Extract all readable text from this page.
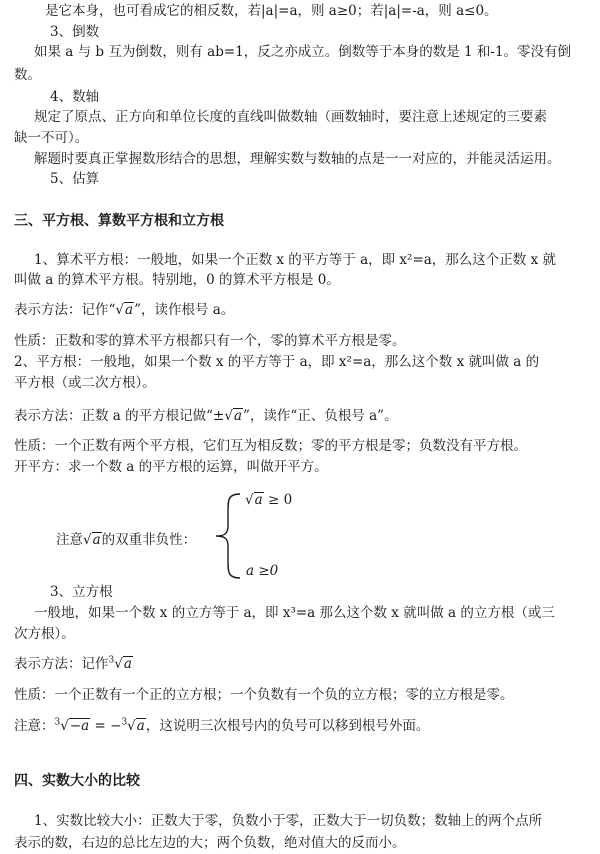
是它本身，也可看成它的相反数，若|a|=a，则 a≥0；若|a|=-a，则 a≤0。
3、倒数
如果 a 与 b 互为倒数，则有 ab=1，反之亦成立。倒数等于本身的数是 1 和-1。零没有倒
数。
4、数轴
规定了原点、正方向和单位长度的直线叫做数轴（画数轴时，要注意上述规定的三要素
缺一不可）。
解题时要真正掌握数形结合的思想，理解实数与数轴的点是一一对应的，并能灵活运用。
5、估算
三、平方根、算数平方根和立方根
1、算术平方根：一般地，如果一个正数 x 的平方等于 a，即 x²=a，那么这个正数 x 就
叫做 a 的算术平方根。特别地，0 的算术平方根是 0。
表示方法：记作“√a”，读作根号 a。
性质：正数和零的算术平方根都只有一个，零的算术平方根是零。
2、平方根：一般地，如果一个数 x 的平方等于 a，即 x²=a，那么这个数 x 就叫做 a 的
平方根（或二次方根）。
表示方法：正数 a 的平方根记做“±√a”，读作“正、负根号 a”。
性质：一个正数有两个平方根，它们互为相反数；零的平方根是零；负数没有平方根。
开平方：求一个数 a 的平方根的运算，叫做开平方。
√a ≥ 0
注意√a的双重非负性：
a ≥0
3、立方根
一般地，如果一个数 x 的立方等于 a，即 x³=a 那么这个数 x 就叫做 a 的立方根（或三
次方根）。
表示方法：记作$^3$√a
性质：一个正数有一个正的立方根；一个负数有一个负的立方根；零的立方根是零。
注意：$^3$√−a = −$^3$√a，这说明三次根号内的负号可以移到根号外面。
四、实数大小的比较
1、实数比较大小：正数大于零，负数小于零，正数大于一切负数；数轴上的两个点所
表示的数，右边的总比左边的大；两个负数，绝对值大的反而小。
